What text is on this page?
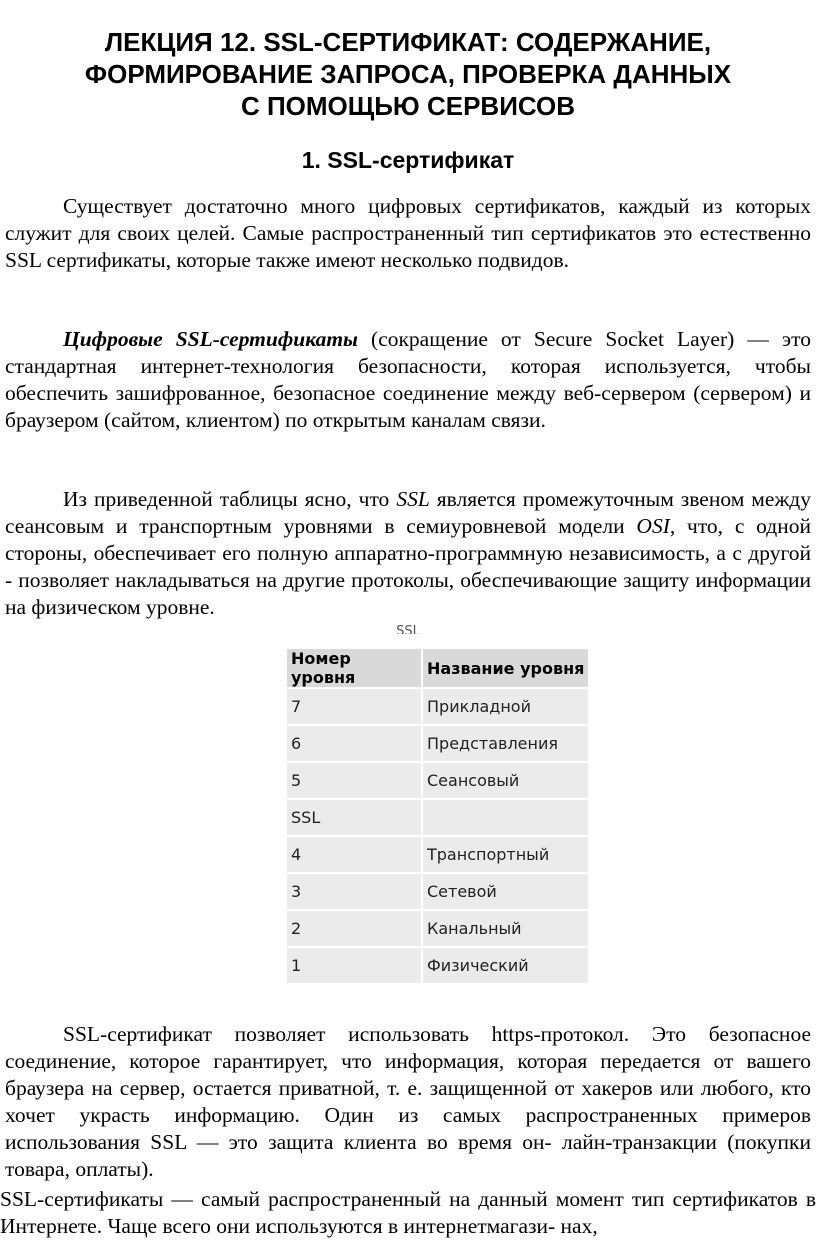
ЛЕКЦИЯ 12. SSL-СЕРТИФИКАТ: СОДЕРЖАНИЕ,
ФОРМИРОВАНИЕ ЗАПРОСА, ПРОВЕРКА ДАННЫХ
С ПОМОЩЬЮ СЕРВИСОВ
1. SSL-сертификат

Существует достаточно много цифровых сертификатов, каждый из которых служит для своих целей. Самые распространенный тип сертификатов это естественно SSL сертификаты, которые также имеют несколько подвидов.

Цифровые SSL-сертификаты (сокращение от Secure Socket Layer) — это стандартная интернет-технология безопасности, которая используется, чтобы обеспечить зашифрованное, безопасное соединение между веб-сервером (сервером) и браузером (сайтом, клиентом) по открытым каналам связи.

Из приведенной таблицы ясно, что SSL является промежуточным звеном между сеансовым и транспортным уровнями в семиуровневой модели OSI, что, с одной стороны, обеспечивает его полную аппаратно-программную независимость, а с другой - позволяет накладываться на другие протоколы, обеспечивающие защиту информации на физическом уровне.

SSL
Номер уровня	Название уровня
7	Прикладной
6	Представления
5	Сеансовый
SSL	
4	Транспортный
3	Сетевой
2	Канальный
1	Физический

SSL-сертификат позволяет использовать https-протокол. Это безопасное соединение, которое гарантирует, что информация, которая передается от вашего браузера на сервер, остается приватной, т. е. защищенной от хакеров или любого, кто хочет украсть информацию. Один из самых распространенных примеров использования SSL — это защита клиента во время он- лайн-транзакции (покупки товара, оплаты).

SSL-сертификаты — самый распространенный на данный момент тип сертификатов в Интернете. Чаще всего они используются в интернетмагази- нах,
